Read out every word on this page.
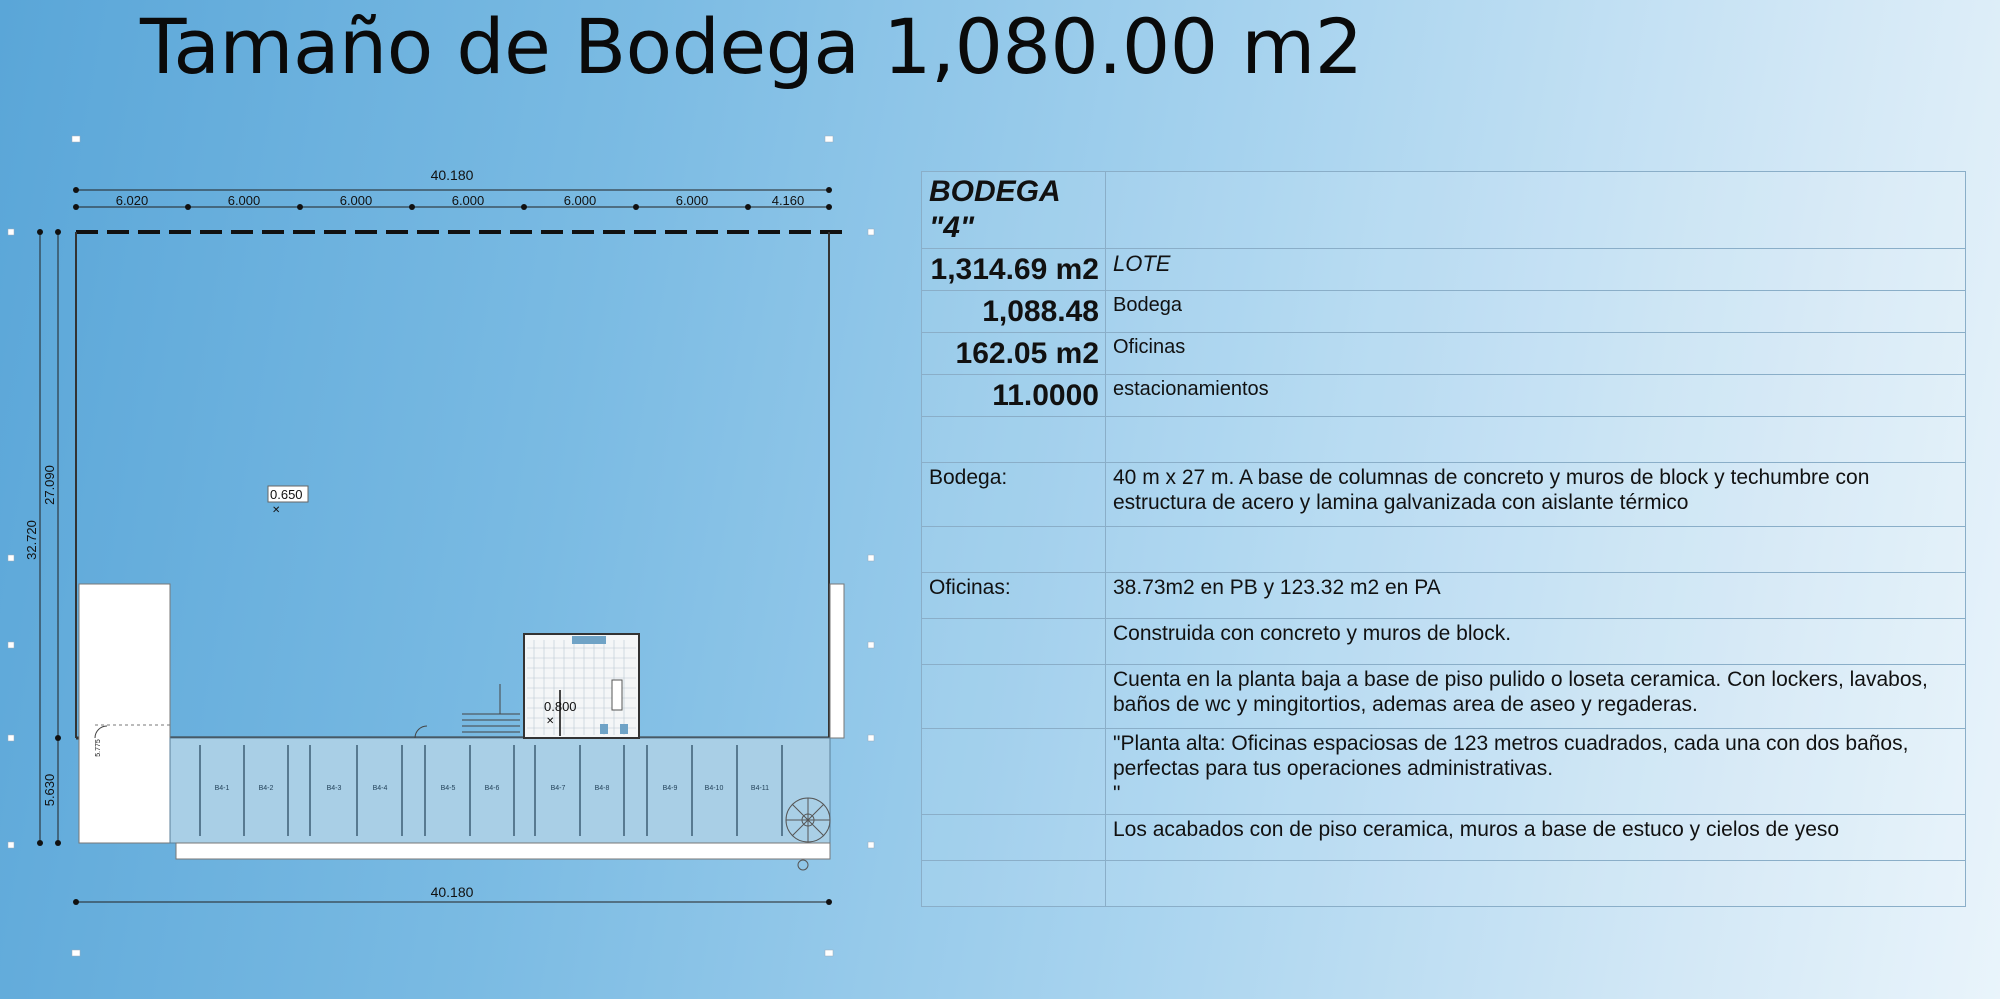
Tamaño de Bodega 1,080.00 m2
B4-1	B4-2	B4-3	B4-4	B4-5	B4-6	B4-7	B4-8	B4-9	B4-10	B4-11
0.650
✕
0.800
✕
40.180
6.020	6.000	6.000	6.000	6.000	6.000	4.160
40.180
32.720
27.090
5.630
5.775
BODEGA "4"	
1,314.69 m2	LOTE
1,088.48	Bodega
162.05 m2	Oficinas
11.0000	estacionamientos

Bodega:	40 m x 27 m. A base de columnas de concreto y muros de block y techumbre con estructura de acero y lamina galvanizada con aislante térmico

Oficinas:	38.73m2 en PB y 123.32 m2 en PA
	Construida con concreto y muros de block.
	Cuenta en la planta baja a base de piso pulido o loseta ceramica. Con lockers, lavabos, baños de wc y mingitortios, ademas area de aseo y regaderas.
	"Planta alta: Oficinas espaciosas de 123 metros cuadrados, cada una con dos baños, perfectas para tus operaciones administrativas.
"
	Los acabados con de piso ceramica, muros a base de estuco y cielos de yeso
